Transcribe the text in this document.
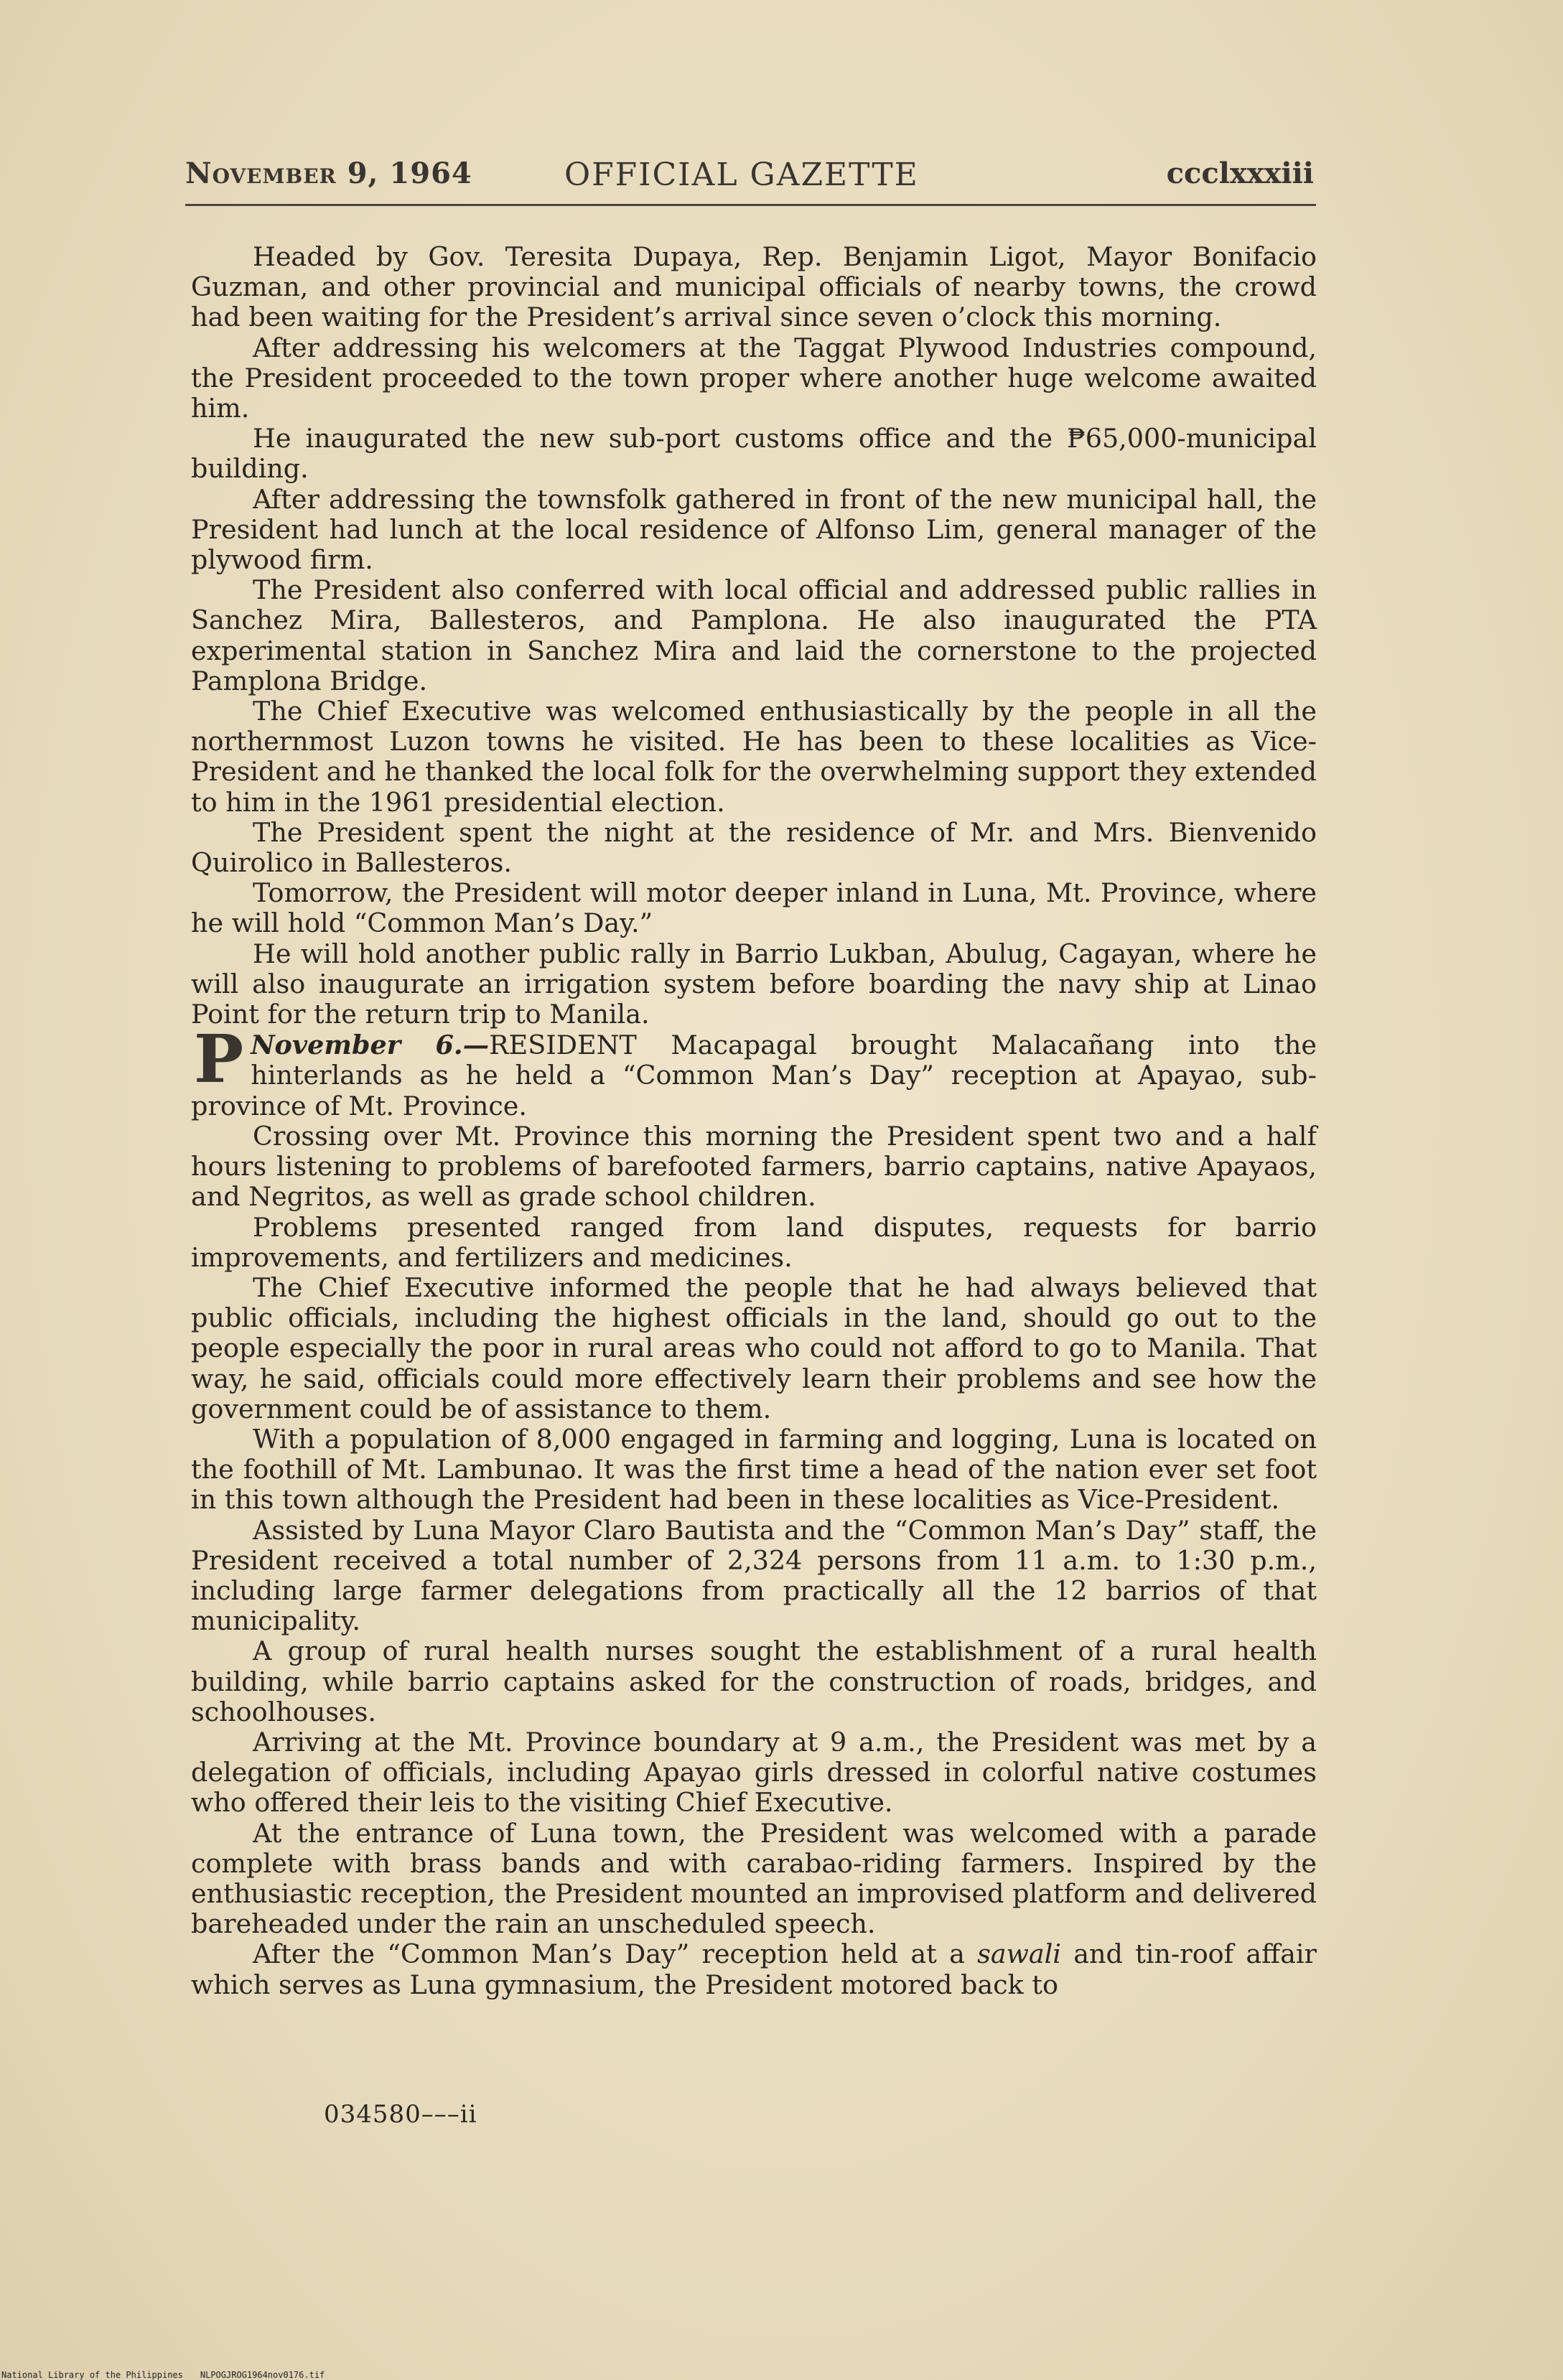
November 9, 1964	OFFICIAL GAZETTE	ccclxxxiii

Headed by Gov. Teresita Dupaya, Rep. Benjamin Ligot, Mayor Bonifacio Guzman, and other provincial and municipal officials of nearby towns, the crowd had been waiting for the President’s arrival since seven o’clock this morning.

After addressing his welcomers at the Taggat Plywood Industries compound, the President proceeded to the town proper where another huge welcome awaited him.

He inaugurated the new sub-port customs office and the ₱65,000-municipal building.

After addressing the townsfolk gathered in front of the new municipal hall, the President had lunch at the local residence of Alfonso Lim, general manager of the plywood firm.

The President also conferred with local official and addressed public rallies in Sanchez Mira, Ballesteros, and Pamplona. He also inaugurated the PTA experimental station in Sanchez Mira and laid the cornerstone to the projected Pamplona Bridge.

The Chief Executive was welcomed enthusiastically by the people in all the northernmost Luzon towns he visited. He has been to these localities as Vice-President and he thanked the local folk for the overwhelming support they extended to him in the 1961 presidential election.

The President spent the night at the residence of Mr. and Mrs. Bienvenido Quirolico in Ballesteros.

Tomorrow, the President will motor deeper inland in Luna, Mt. Province, where he will hold “Common Man’s Day.”

He will hold another public rally in Barrio Lukban, Abulug, Cagayan, where he will also inaugurate an irrigation system before boarding the navy ship at Linao Point for the return trip to Manila.

November 6.—
P	RESIDENT Macapagal brought Malacañang into the hinterlands as he held a “Common Man’s Day” reception at Apayao, sub-province of Mt. Province.

Crossing over Mt. Province this morning the President spent two and a half hours listening to problems of barefooted farmers, barrio captains, native Apayaos, and Negritos, as well as grade school children.

Problems presented ranged from land disputes, requests for barrio improvements, and fertilizers and medicines.

The Chief Executive informed the people that he had always believed that public officials, including the highest officials in the land, should go out to the people especially the poor in rural areas who could not afford to go to Manila. That way, he said, officials could more effectively learn their problems and see how the government could be of assistance to them.

With a population of 8,000 engaged in farming and logging, Luna is located on the foothill of Mt. Lambunao. It was the first time a head of the nation ever set foot in this town although the President had been in these localities as Vice-President.

Assisted by Luna Mayor Claro Bautista and the “Common Man’s Day” staff, the President received a total number of 2,324 persons from 11 a.m. to 1:30 p.m., including large farmer delegations from practically all the 12 barrios of that municipality.

A group of rural health nurses sought the establishment of a rural health building, while barrio captains asked for the construction of roads, bridges, and schoolhouses.

Arriving at the Mt. Province boundary at 9 a.m., the President was met by a delegation of officials, including Apayao girls dressed in colorful native costumes who offered their leis to the visiting Chief Executive.

At the entrance of Luna town, the President was welcomed with a parade complete with brass bands and with carabao-riding farmers. Inspired by the enthusiastic reception, the President mounted an improvised platform and delivered bareheaded under the rain an unscheduled speech.

After the “Common Man’s Day” reception held at a sawali and tin-roof affair which serves as Luna gymnasium, the President motored back to

034580–––ii
National Library of the Philippines NLPOGJROG1964nov0176.tif
